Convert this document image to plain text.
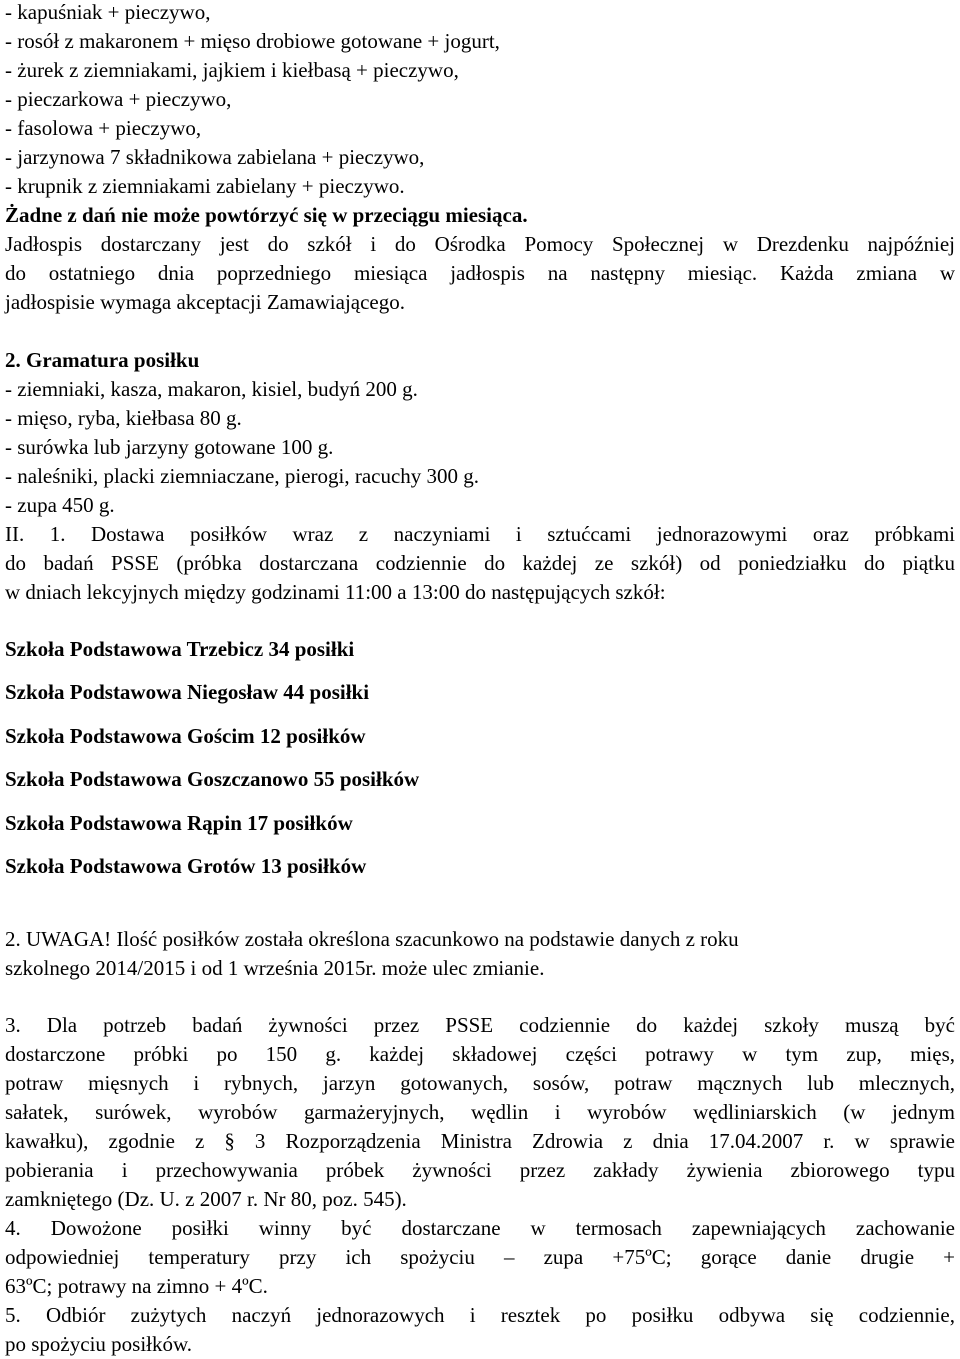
- kapuśniak + pieczywo,
- rosół z makaronem + mięso drobiowe gotowane + jogurt,
- żurek z ziemniakami, jajkiem i kiełbasą + pieczywo,
- pieczarkowa + pieczywo,
- fasolowa + pieczywo,
- jarzynowa 7 składnikowa zabielana + pieczywo,
- krupnik z ziemniakami zabielany + pieczywo.
Żadne z dań nie może powtórzyć się w przeciągu miesiąca.
Jadłospis dostarczany jest do szkół i do Ośrodka Pomocy Społecznej w Drezdenku najpóźniej
do ostatniego dnia poprzedniego miesiąca jadłospis na następny miesiąc. Każda zmiana w
jadłospisie wymaga akceptacji Zamawiającego.
2. Gramatura posiłku
- ziemniaki, kasza, makaron, kisiel, budyń 200 g.
- mięso, ryba, kiełbasa 80 g.
- surówka lub jarzyny gotowane 100 g.
- naleśniki, placki ziemniaczane, pierogi, racuchy 300 g.
- zupa 450 g.
II. 1. Dostawa posiłków wraz z naczyniami i sztućcami jednorazowymi oraz próbkami
do badań PSSE (próbka dostarczana codziennie do każdej ze szkół) od poniedziałku do piątku
w dniach lekcyjnych między godzinami 11:00 a 13:00 do następujących szkół:
Szkoła Podstawowa Trzebicz 34 posiłki
Szkoła Podstawowa Niegosław 44 posiłki
Szkoła Podstawowa Gościm 12 posiłków
Szkoła Podstawowa Goszczanowo 55 posiłków
Szkoła Podstawowa Rąpin 17 posiłków
Szkoła Podstawowa Grotów 13 posiłków
2. UWAGA! Ilość posiłków została określona szacunkowo na podstawie danych z roku
szkolnego 2014/2015 i od 1 września 2015r. może ulec zmianie.
3. Dla potrzeb badań żywności przez PSSE codziennie do każdej szkoły muszą być
dostarczone próbki po 150 g. każdej składowej części potrawy w tym zup, mięs,
potraw mięsnych i rybnych, jarzyn gotowanych, sosów, potraw mącznych lub mlecznych,
sałatek, surówek, wyrobów garmażeryjnych, wędlin i wyrobów wędliniarskich (w jednym
kawałku), zgodnie z § 3 Rozporządzenia Ministra Zdrowia z dnia 17.04.2007 r. w sprawie
pobierania i przechowywania próbek żywności przez zakłady żywienia zbiorowego typu
zamkniętego (Dz. U. z 2007 r. Nr 80, poz. 545).
4. Dowożone posiłki winny być dostarczane w termosach zapewniających zachowanie
odpowiedniej temperatury przy ich spożyciu – zupa +75ºC; gorące danie drugie +
63ºC; potrawy na zimno + 4ºC.
5. Odbiór zużytych naczyń jednorazowych i resztek po posiłku odbywa się codziennie,
po spożyciu posiłków.
